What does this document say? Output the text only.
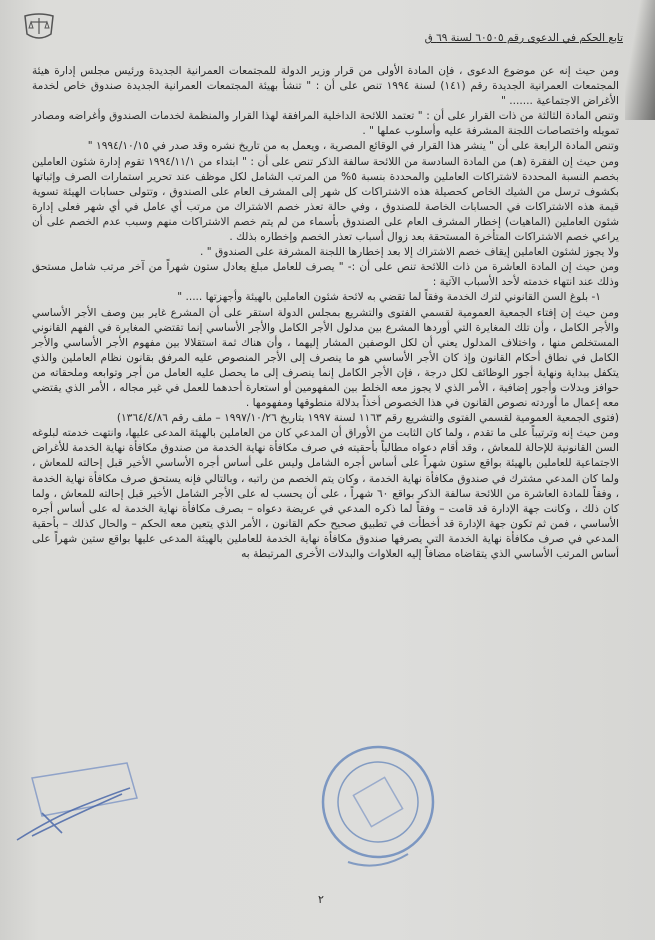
تابع الحكم في الدعوى رقم ٦٠٥٠٥ لسنة ٦٩ ق

ومن حيث إنه عن موضوع الدعوى ، فإن المادة الأولى من قرار وزير الدولة للمجتمعات العمرانية الجديدة ورئيس مجلس إدارة هيئة المجتمعات العمرانية الجديدة رقم (١٤١) لسنة ١٩٩٤ تنص على أن : " تنشأ بهيئة المجتمعات العمرانية الجديدة صندوق خاص لخدمة الأغراض الاجتماعية ....... "

وتنص المادة الثالثة من ذات القرار على أن : " تعتمد اللائحة الداخلية المرافقة لهذا القرار والمنظمة لخدمات الصندوق وأغراضه ومصادر تمويله واختصاصات اللجنة المشرفة عليه وأسلوب عملها " .

وتنص المادة الرابعة على أن " ينشر هذا القرار في الوقائع المصرية ، ويعمل به من تاريخ نشره وقد صدر في ١٩٩٤/١٠/١٥ "

ومن حيث إن الفقرة (هـ) من المادة السادسة من اللائحة سالفة الذكر تنص على أن : " ابتداء من ١٩٩٤/١١/١ تقوم إدارة شئون العاملين بخصم النسبة المحددة لاشتراكات العاملين والمحددة بنسبة ٥% من المرتب الشامل لكل موظف عند تحرير استمارات الصرف وإثباتها بكشوف ترسل من الشيك الخاص كحصيلة هذه الاشتراكات كل شهر إلى المشرف العام على الصندوق ، وتتولى حسابات الهيئة تسوية قيمة هذه الاشتراكات في الحسابات الخاصة للصندوق ، وفي حالة تعذر خصم الاشتراك من مرتب أي عامل في أي شهر فعلى إدارة شئون العاملين (الماهيات) إخطار المشرف العام على الصندوق بأسماء من لم يتم خصم الاشتراكات منهم وسبب عدم الخصم على أن يراعي خصم الاشتراكات المتأخرة المستحقة بعد زوال أسباب تعذر الخصم وإخطاره بذلك .

ولا يجوز لشئون العاملين إيقاف خصم الاشتراك إلا بعد إخطارها اللجنة المشرفة على الصندوق " .

ومن حيث إن المادة العاشرة من ذات اللائحة تنص على أن :- " يصرف للعامل مبلغ يعادل ستون شهراً من آخر مرتب شامل مستحق وذلك عند انتهاء خدمته لأحد الأسباب الآتية :

١- بلوغ السن القانوني لترك الخدمة وفقاً لما تقضي به لائحة شئون العاملين بالهيئة وأجهزتها ..... "

ومن حيث إن إفتاء الجمعية العمومية لقسمي الفتوى والتشريع بمجلس الدولة استقر على أن المشرع غاير بين وصف الأجر الأساسي والأجر الكامل ، وأن تلك المغايرة التي أوردها المشرع بين مدلول الأجر الكامل والأجر الأساسي إنما تقتضي المغايرة في الفهم القانوني المستخلص منها ، واختلاف المدلول يعني أن لكل الوصفين المشار إليهما ، وأن هناك ثمة استقلالا بين مفهوم الأجر الأساسي والأجر الكامل في نطاق أحكام القانون وإذ كان الأجر الأساسي هو ما ينصرف إلى الأجر المنصوص عليه المرفق بقانون نظام العاملين والذي يتكفل ببداية ونهاية أجور الوظائف لكل درجة ، فإن الأجر الكامل إنما ينصرف إلى ما يحصل عليه العامل من أجر وتوابعه وملحقاته من حوافز وبدلات وأجور إضافية ، الأمر الذي لا يجوز معه الخلط بين المفهومين أو استعارة أحدهما للعمل في غير مجاله ، الأمر الذي يقتضي معه إعمال ما أوردته نصوص القانون في هذا الخصوص أخذاً بدلالة منطوقها ومفهومها .

(فتوى الجمعية العمومية لقسمي الفتوى والتشريع رقم ١١٦٣ لسنة ١٩٩٧ بتاريخ ١٩٩٧/١٠/٢٦ – ملف رقم ١٣٦٤/٤/٨٦)

ومن حيث إنه وترتيباً على ما تقدم ، ولما كان الثابت من الأوراق أن المدعي كان من العاملين بالهيئة المدعى عليها، وانتهت خدمته لبلوغه السن القانونية للإحالة للمعاش ، وقد أقام دعواه مطالباً بأحقيته في صرف مكافأة نهاية الخدمة من صندوق مكافأة نهاية الخدمة للأغراض الاجتماعية للعاملين بالهيئة بواقع ستون شهراً على أساس أجره الشامل وليس على أساس أجره الأساسي الأخير قبل إحالته للمعاش ، ولما كان المدعي مشترك في صندوق مكافأة نهاية الخدمة ، وكان يتم الخصم من راتبه ، وبالتالي فإنه يستحق صرف مكافأة نهاية الخدمة ، وفقاً للمادة العاشرة من اللائحة سالفة الذكر بواقع ٦٠ شهراً ، على أن يحسب له على الأجر الشامل الأخير قبل إحالته للمعاش ، ولما كان ذلك ، وكانت جهة الإدارة قد قامت – وفقاً لما ذكره المدعي في عريضة دعواه – بصرف مكافأة نهاية الخدمة له على أساس أجره الأساسي ، فمن ثم تكون جهة الإدارة قد أخطأت في تطبيق صحيح حكم القانون ، الأمر الذي يتعين معه الحكم – والحال كذلك – بأحقية المدعي في صرف مكافأة نهاية الخدمة التي يصرفها صندوق مكافأة نهاية الخدمة للعاملين بالهيئة المدعى عليها بواقع ستين شهراً على أساس المرتب الأساسي الذي يتقاضاه مضافاً إليه العلاوات والبدلات الأخرى المرتبطة به

٢
